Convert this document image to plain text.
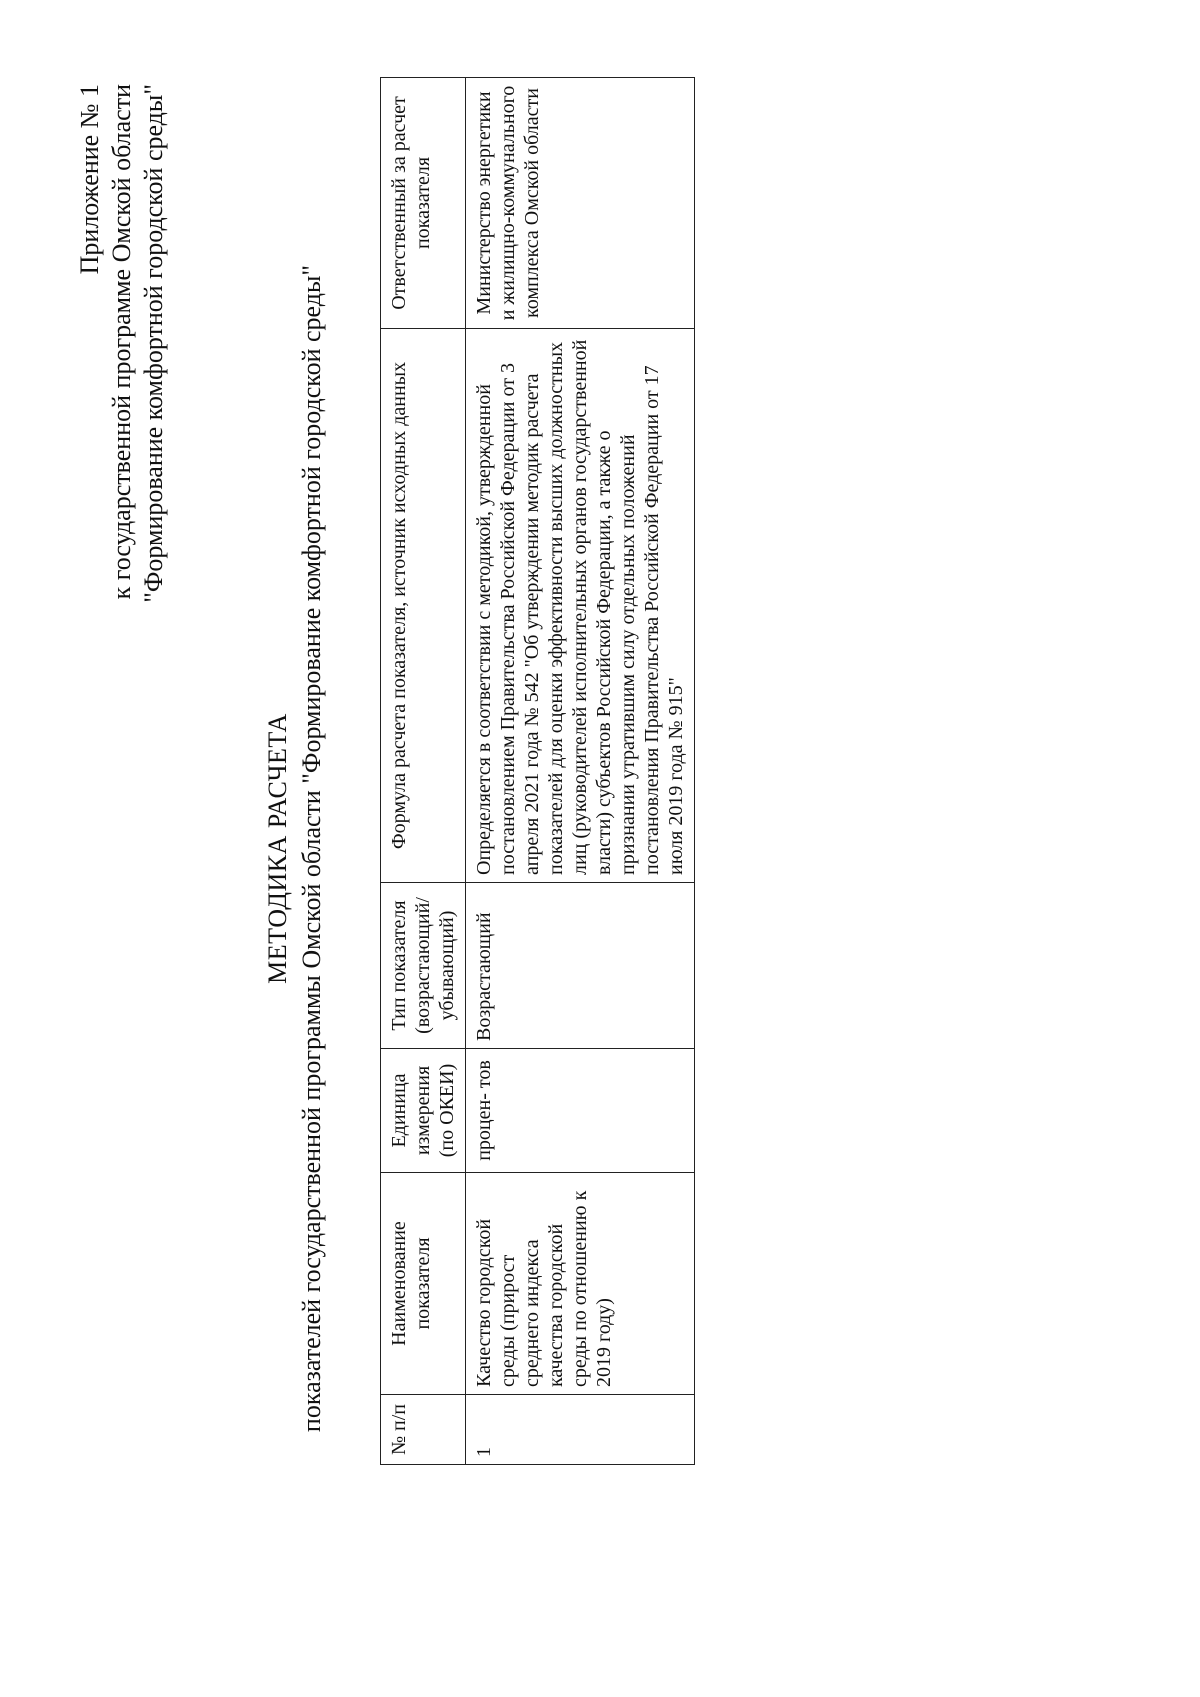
Приложение № 1 к государственной программе Омской области "Формирование комфортной городской среды"
МЕТОДИКА РАСЧЕТА показателей государственной программы Омской области "Формирование комфортной городской среды"	№ п/п	Наименование показателя	Единица измерения (по ОКЕИ)	Тип показателя (возрастающий/ убывающий)	Формула расчета показателя, источник исходных данных	Ответственный за расчет показателя
1	Качество городской среды (прирост среднего индекса качества городской среды по отношению к 2019 году)	процен- тов	Возрастающий	Определяется в соответствии с методикой, утвержденной постановлением Правительства Российской Федерации от 3 апреля 2021 года № 542 "Об утверждении методик расчета показателей для оценки эффективности высших должностных лиц (руководителей исполнительных органов государственной власти) субъектов Российской Федерации, а также о признании утратившим силу отдельных положений постановления Правительства Российской Федерации от 17 июля 2019 года № 915"	Министерство энергетики и жилищно-коммунального комплекса Омской области
